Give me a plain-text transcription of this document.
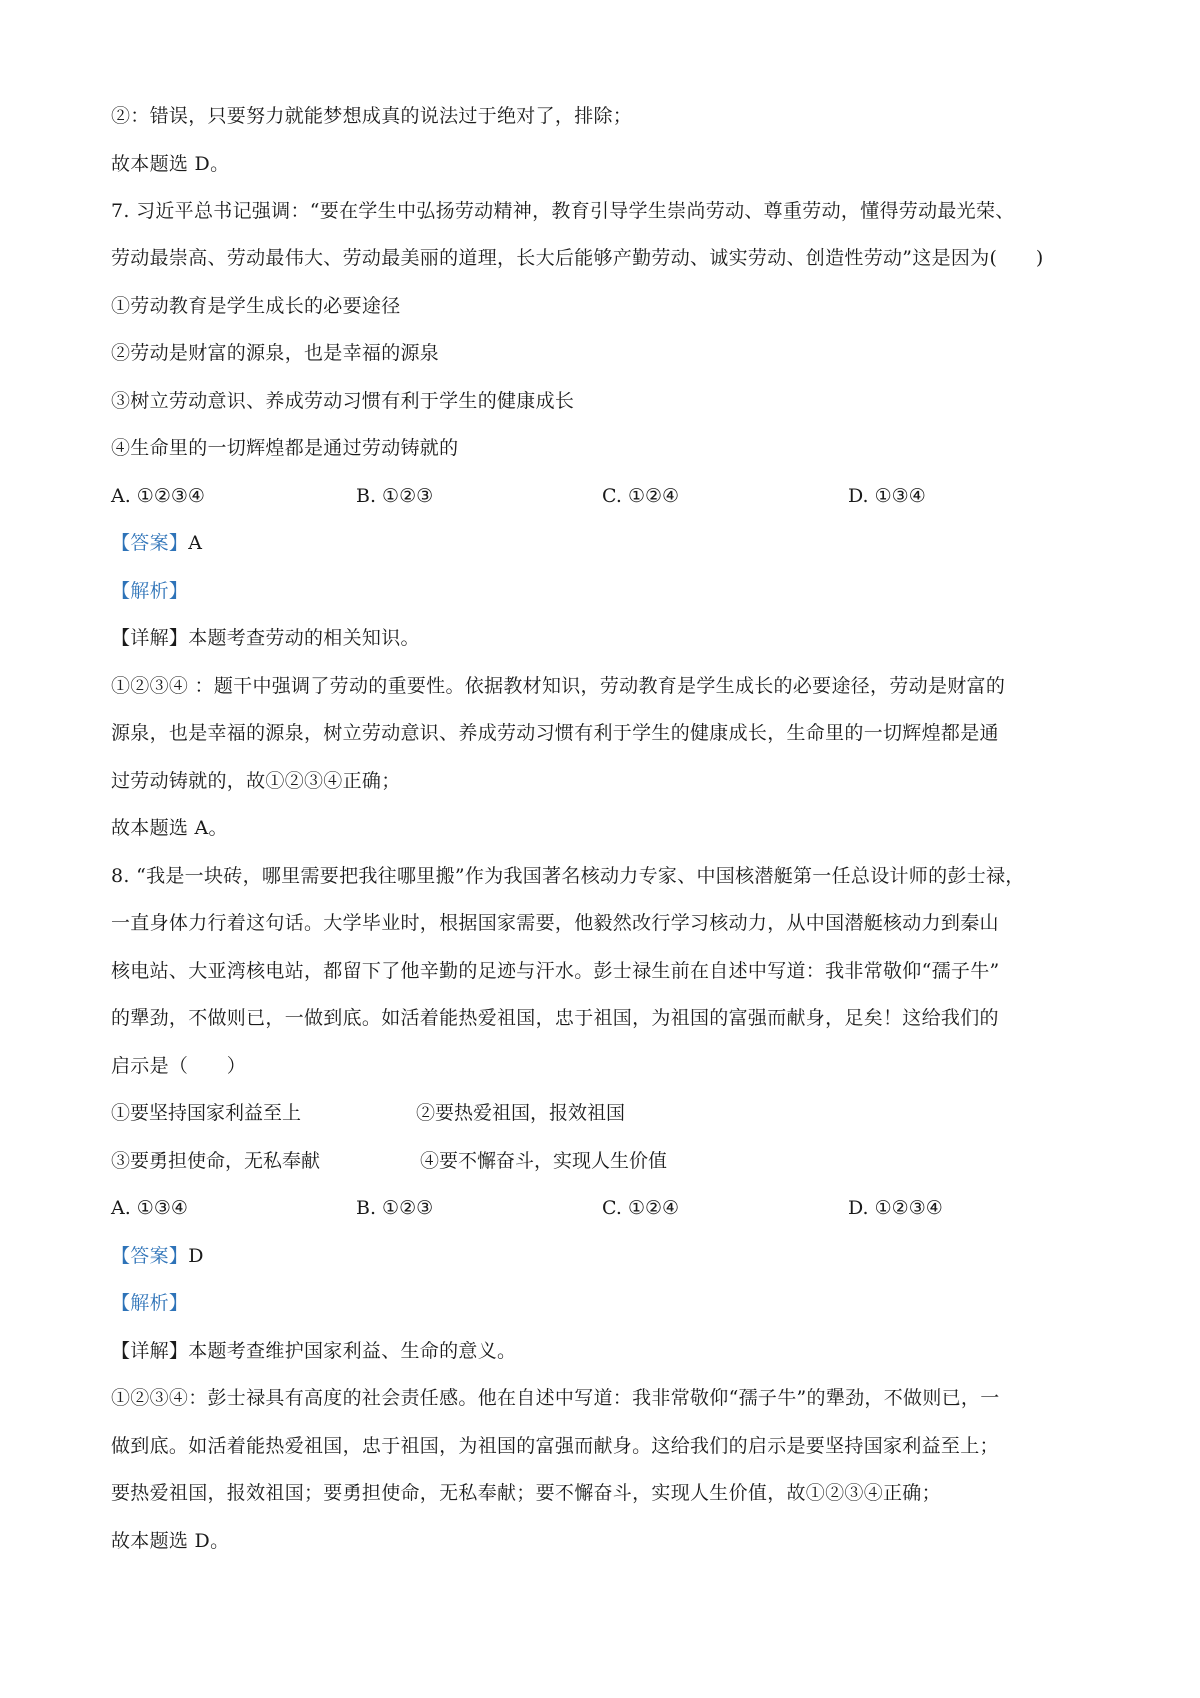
②：错误，只要努力就能梦想成真的说法过于绝对了，排除；
故本题选 D。
7. 习近平总书记强调：“要在学生中弘扬劳动精神，教育引导学生崇尚劳动、尊重劳动，懂得劳动最光荣、
劳动最崇高、劳动最伟大、劳动最美丽的道理，长大后能够产勤劳动、诚实劳动、创造性劳动”这是因为(　　)
①劳动教育是学生成长的必要途径
②劳动是财富的源泉，也是幸福的源泉
③树立劳动意识、养成劳动习惯有利于学生的健康成长
④生命里的一切辉煌都是通过劳动铸就的
A. ①②③④	B. ①②③	C. ①②④	D. ①③④
【答案】A
【解析】
【详解】本题考查劳动的相关知识。
①②③④ ：题干中强调了劳动的重要性。依据教材知识，劳动教育是学生成长的必要途径，劳动是财富的
源泉，也是幸福的源泉，树立劳动意识、养成劳动习惯有利于学生的健康成长，生命里的一切辉煌都是通
过劳动铸就的，故①②③④正确；
故本题选 A。
8. “我是一块砖，哪里需要把我往哪里搬”作为我国著名核动力专家、中国核潜艇第一任总设计师的彭士禄，
一直身体力行着这句话。大学毕业时，根据国家需要，他毅然改行学习核动力，从中国潜艇核动力到秦山
核电站、大亚湾核电站，都留下了他辛勤的足迹与汗水。彭士禄生前在自述中写道：我非常敬仰“孺子牛”
的犟劲，不做则已，一做到底。如活着能热爱祖国，忠于祖国，为祖国的富强而献身，足矣！这给我们的
启示是（　　）
①要坚持国家利益至上	②要热爱祖国，报效祖国
③要勇担使命，无私奉献	④要不懈奋斗，实现人生价值
A. ①③④	B. ①②③	C. ①②④	D. ①②③④
【答案】D
【解析】
【详解】本题考查维护国家利益、生命的意义。
①②③④：彭士禄具有高度的社会责任感。他在自述中写道：我非常敬仰“孺子牛”的犟劲，不做则已，一
做到底。如活着能热爱祖国，忠于祖国，为祖国的富强而献身。这给我们的启示是要坚持国家利益至上；
要热爱祖国，报效祖国；要勇担使命，无私奉献；要不懈奋斗，实现人生价值，故①②③④正确；
故本题选 D。
